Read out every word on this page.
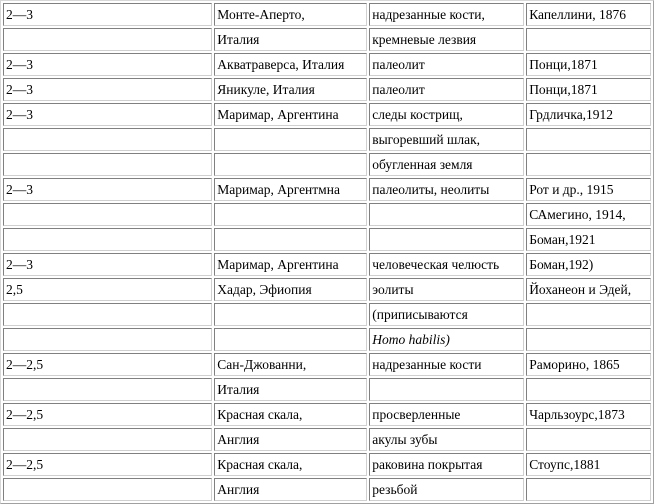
2—3	Монте-Аперто,	надрезанные кости,	Капеллини, 1876
	Италия	кремневые лезвия	
2—3	Акватраверса, Италия	палеолит	Понци,1871
2—3	Яникуле, Италия	палеолит	Понци,1871
2—3	Маримар, Аргентина	следы кострищ,	Грдличка,1912
		выгоревший шлак,	
		обугленная земля	
2—3	Маримар, Аргентмна	палеолиты, неолиты	Рот и др., 1915
			САмегино, 1914,
			Боман,1921
2—3	Маримар, Аргентина	человеческая челюсть	Боман,192)
2,5	Хадар, Эфиопия	эолиты	Йоханеон и Эдей,
		(приписываются	
		Homo habilis)	
2—2,5	Сан-Джованни,	надрезанные кости	Раморино, 1865
	Италия		
2—2,5	Красная скала,	просверленные	Чарльзоурс,1873
	Англия	акулы зубы	
2—2,5	Красная скала,	раковина покрытая	Стоупс,1881
	Англия	резьбой	
